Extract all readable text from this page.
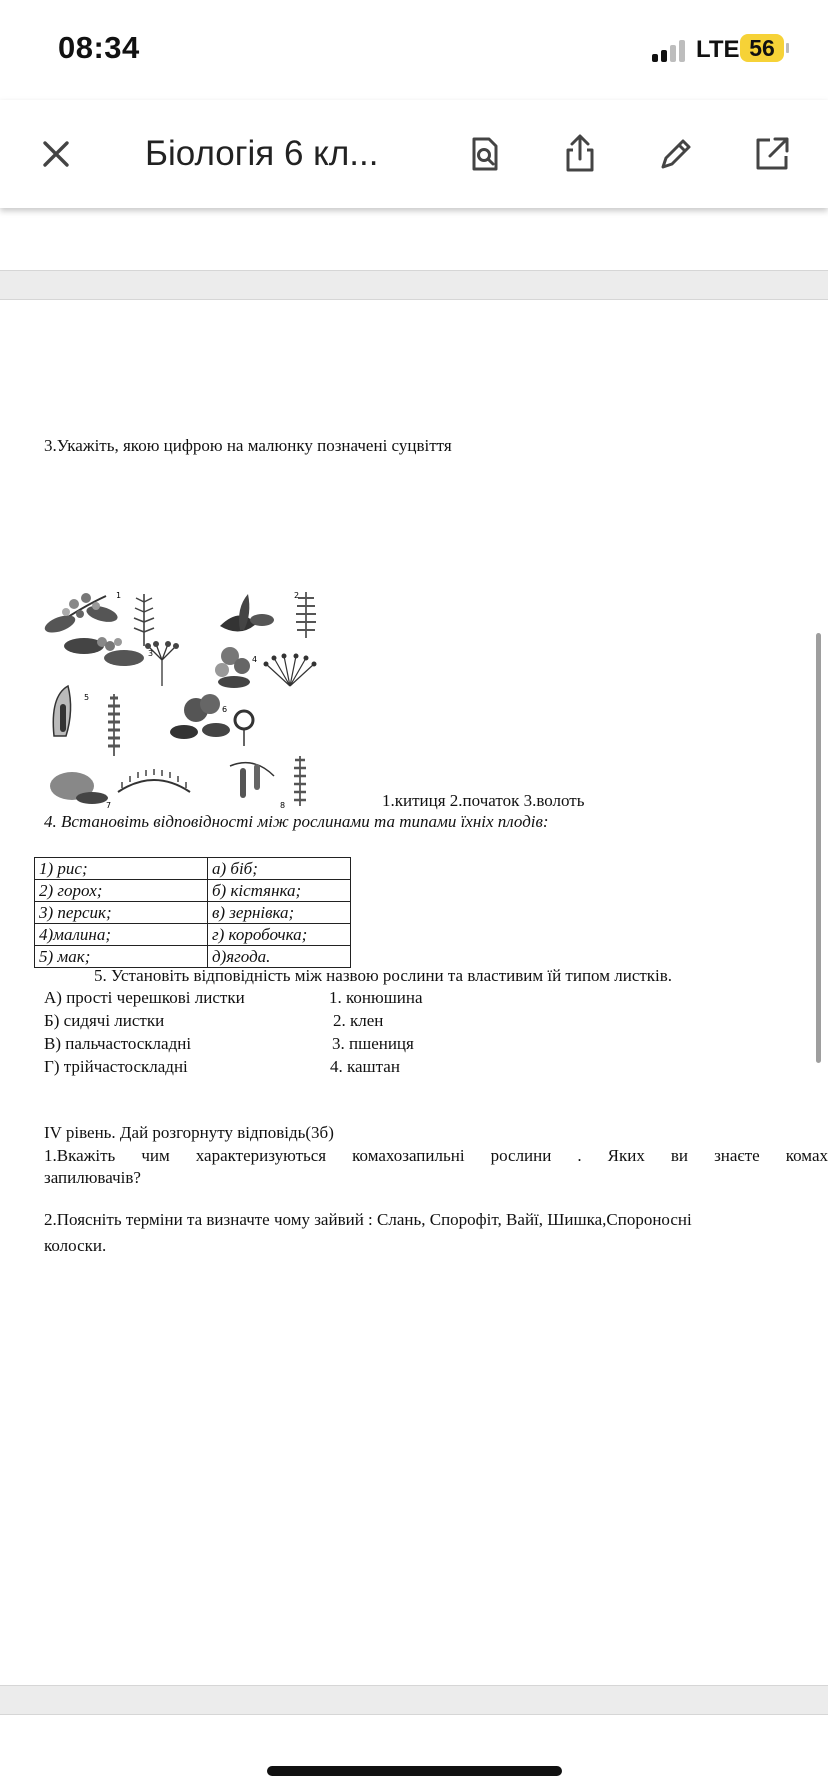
08:34	LTE 56
Біологія 6 кл...
3.Укажіть, якою цифрою на малюнку позначені суцвіття
1	2
3
4
5
6
7	8	1.китиця 2.початок 3.волоть
4. Встановіть відповідності між рослинами та типами їхніх плодів:
1) рис;	а) біб;
2) горох;	б) кістянка;
3) персик;	в) зернівка;
4)малина;	г) коробочка;
5) мак;	д)ягода.
5. Установіть відповідність між назвою рослини та властивим їй типом листків.
А) прості черешкові листки	1. конюшина
Б) сидячі листки	2. клен
В) пальчастоскладні	3. пшениця
Г) трійчастоскладні	4. каштан
IV рівень. Дай розгорнуту відповідь(3б)
1.Вкажіть чим характеризуються комахозапильні рослини . Яких ви знаєте комах
запилювачів?
2.Поясніть терміни та визначте чому зайвий : Слань, Спорофіт, Вайї, Шишка,Спороносні
колоски.
